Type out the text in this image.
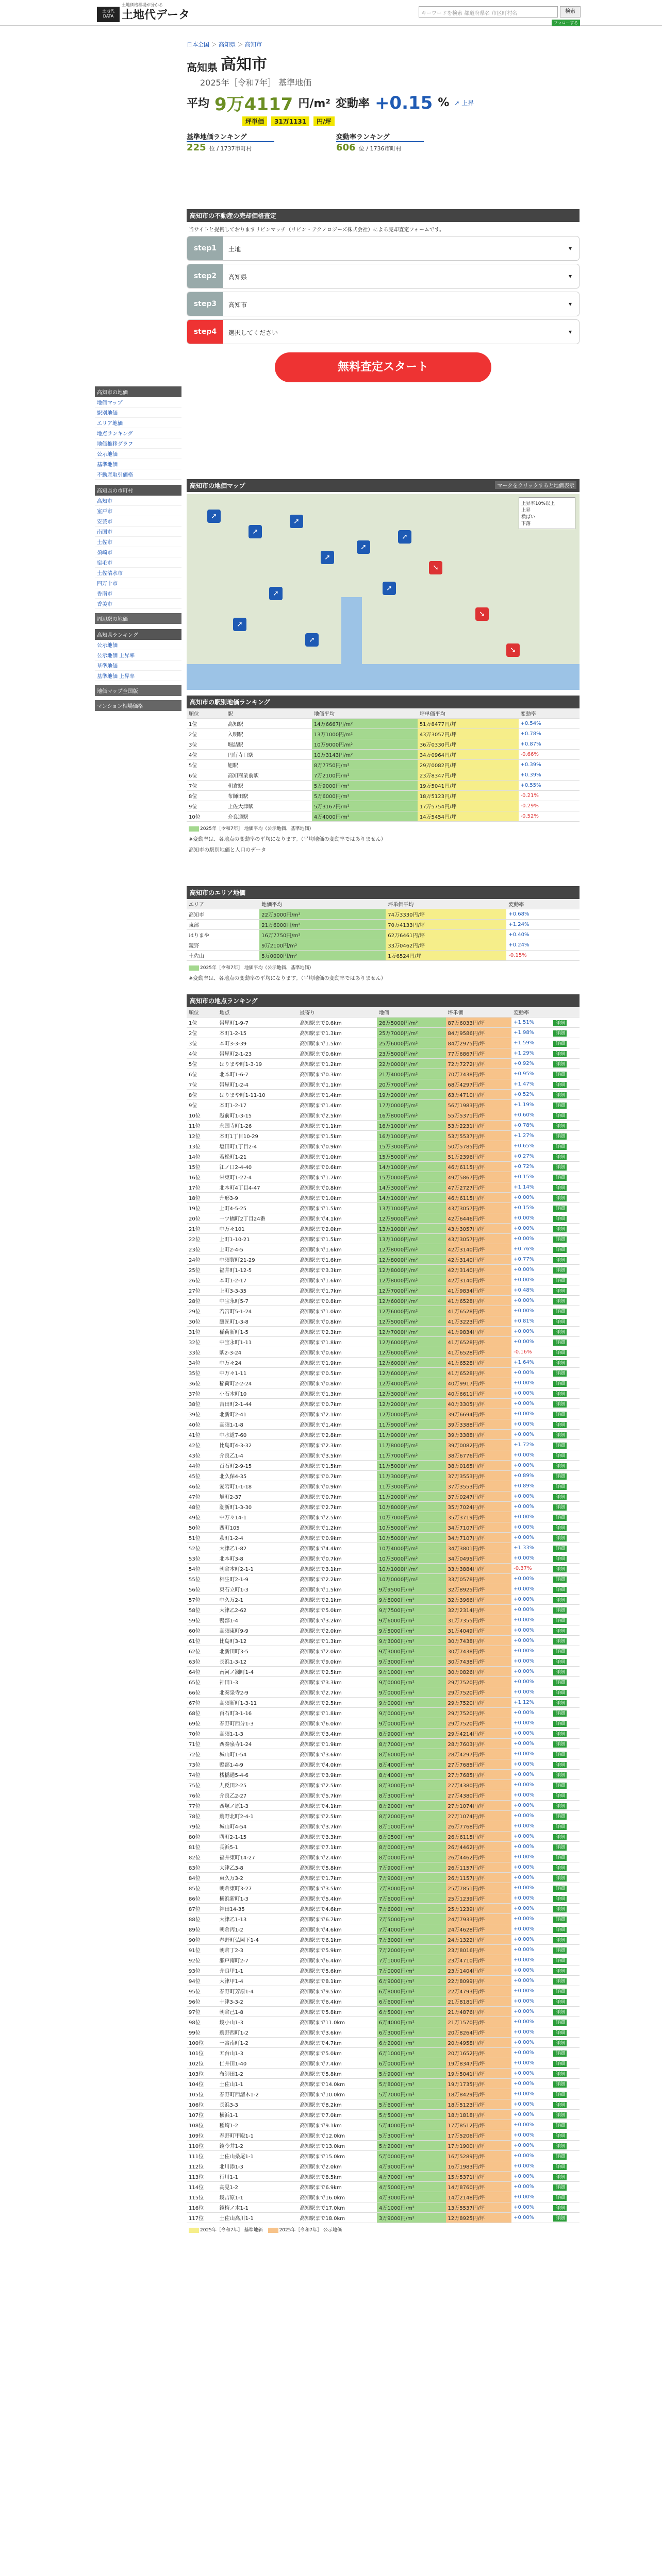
土地価格相場が分かる
土地代DATA 土地代データ	キーワードを検索 都道府県名 市区町村名	検索
フォローする
日本全国 ＞ 高知県 ＞ 高知市
高知県 高知市
2025年［令和7年］ 基準地価
平均 9万4117 円/m² 変動率 +0.15 % ➚ 上昇
坪単価	31万1131	円/坪
基準地価ランキング
225 位 / 1737市町村
変動率ランキング
606 位 / 1736市町村
高知市の不動産の売却価格査定
当サイトと提携しておりますリビンマッチ（リビン・テクノロジーズ株式会社）による売却査定フォームです。
step1	土地	▾
step2	高知県	▾
step3	高知市	▾
step4	選択してください	▾
無料査定スタート
高知市の地価
地価マップ
駅別地価
エリア地価
地点ランキング
地価推移グラフ
公示地価
基準地価
不動産取引価格
高知県の市町村
高知市
室戸市
安芸市
南国市
土佐市
須崎市
宿毛市
土佐清水市
四万十市
香南市
香美市
周辺駅の地価
高知県ランキング
公示地価
公示地価 上昇率
基準地価
基準地価 上昇率
地価マップ全国版
マンション相場価格
マークをクリックすると地価表示
高知市の地価マップ
➚
➚
➚
➚
➚
➚
➘
➚
➚
➘
➚
➘
➚
上昇率10%以上
上昇
横ばい
下落
高知市の駅別地価ランキング
順位	駅	地価平均	坪単価平均	変動率
1位	高知駅	14万6667円/m²	51万8477円/坪	+0.54%
2位	入明駅	13万1000円/m²	43万3057円/坪	+0.78%
3位	堀詰駅	10万9000円/m²	36万0330円/坪	+0.87%
4位	円行寺口駅	10万3143円/m²	34万0964円/坪	-0.66%
5位	旭駅	8万7750円/m²	29万0082円/坪	+0.39%
6位	高知商業前駅	7万2100円/m²	23万8347円/坪	+0.39%
7位	朝倉駅	5万9000円/m²	19万5041円/坪	+0.55%
8位	布師田駅	5万6000円/m²	18万5123円/坪	-0.21%
9位	土佐大津駅	5万3167円/m²	17万5754円/坪	-0.29%
10位	介良通駅	4万4000円/m²	14万5454円/坪	-0.52%
2025年［令和7年］ 地価平均（公示地価、基準地価）
※変動率は、各地点の変動率の平均になります。（平均地価の変動率ではありません）
高知市の駅別地価と人口のデータ
高知市のエリア地価
エリア	地価平均	坪単価平均	変動率
高知市	22万5000円/m²	74万3330円/坪	+0.68%
東部	21万6000円/m²	70万4133円/坪	+1.24%
はりまや	16万7750円/m²	62万6461円/坪	+0.40%
鏡野	9万2100円/m²	33万0462円/坪	+0.24%
土佐山	5万0000円/m²	1万6524円/坪	-0.15%
2025年［令和7年］ 地価平均（公示地価、基準地価）
※変動率は、各地点の変動率の平均になります。（平均地価の変動率ではありません）
高知市の地点ランキング
順位	地点	最寄り	地価	坪単価	変動率	
1位	帯屋町1-9-7	高知駅まで0.6km	26万5000円/m²	87万6033円/坪	+1.51%	詳細
2位	本町1-2-15	高知駅まで1.3km	25万7000円/m²	84万9586円/坪	+1.98%	詳細
3位	本町3-3-39	高知駅まで1.5km	25万6000円/m²	84万2975円/坪	+1.59%	詳細
4位	帯屋町2-1-23	高知駅まで0.6km	23万5000円/m²	77万6867円/坪	+1.29%	詳細
5位	はりまや町1-3-19	高知駅まで1.2km	22万0000円/m²	72万7272円/坪	+0.92%	詳細
6位	北本町1-6-7	高知駅まで0.3km	21万4000円/m²	70万7438円/坪	+0.95%	詳細
7位	帯屋町1-2-4	高知駅まで1.1km	20万7000円/m²	68万4297円/坪	+1.47%	詳細
8位	はりまや町1-11-10	高知駅まで1.4km	19万2000円/m²	63万4710円/坪	+0.52%	詳細
9位	本町1-2-17	高知駅まで1.4km	17万0000円/m²	56万1983円/坪	+1.19%	詳細
10位	越前町1-3-15	高知駅まで2.5km	16万8000円/m²	55万5371円/坪	+0.60%	詳細
11位	永国寺町1-26	高知駅まで1.1km	16万1000円/m²	53万2231円/坪	+0.78%	詳細
12位	本町1丁目10-29	高知駅まで1.5km	16万1000円/m²	53万5537円/坪	+1.27%	詳細
13位	塩田町1丁目2-4	高知駅まで0.9km	15万3000円/m²	50万5785円/坪	+0.65%	詳細
14位	若松町1-21	高知駅まで1.0km	15万5000円/m²	51万2396円/坪	+0.27%	詳細
15位	江ノ口2-4-40	高知駅まで0.6km	14万1000円/m²	46万6115円/坪	+0.72%	詳細
16位	栄東町1-27-4	高知駅まで1.7km	15万0000円/m²	49万5867円/坪	+0.15%	詳細
17位	北本町4丁目4-47	高知駅まで0.8km	14万3000円/m²	47万2727円/坪	+1.14%	詳細
18位	升形3-9	高知駅まで1.0km	14万1000円/m²	46万6115円/坪	+0.00%	詳細
19位	上町4-5-25	高知駅まで1.5km	13万1000円/m²	43万3057円/坪	+0.15%	詳細
20位	一ツ橋町2丁目24番	高知駅まで4.1km	12万9000円/m²	42万6446円/坪	+0.00%	詳細
21位	中万々101	高知駅まで2.0km	13万1000円/m²	43万3057円/坪	+0.00%	詳細
22位	上町1-10-21	高知駅まで1.5km	13万1000円/m²	43万3057円/坪	+0.00%	詳細
23位	上町2-4-5	高知駅まで1.6km	12万8000円/m²	42万3140円/坪	+0.76%	詳細
24位	中須賀町21-29	高知駅まで1.6km	12万8000円/m²	42万3140円/坪	+0.77%	詳細
25位	福井町1-12-5	高知駅まで3.3km	12万8000円/m²	42万3140円/坪	+0.00%	詳細
26位	本町1-2-17	高知駅まで1.6km	12万8000円/m²	42万3140円/坪	+0.00%	詳細
27位	上町3-3-35	高知駅まで1.7km	12万7000円/m²	41万9834円/坪	+0.48%	詳細
28位	中宝永町5-7	高知駅まで0.8km	12万6000円/m²	41万6528円/坪	+0.00%	詳細
29位	若宮町5-1-24	高知駅まで1.0km	12万6000円/m²	41万6528円/坪	+0.00%	詳細
30位	鷹匠町1-3-8	高知駅まで0.8km	12万5000円/m²	41万3223円/坪	+0.81%	詳細
31位	稲荷新町1-5	高知駅まで2.3km	12万7000円/m²	41万9834円/坪	+0.00%	詳細
32位	中宝永町1-11	高知駅まで1.8km	12万6000円/m²	41万6528円/坪	+0.00%	詳細
33位	駅2-3-24	高知駅まで0.6km	12万6000円/m²	41万6528円/坪	-0.16%	詳細
34位	中万々24	高知駅まで1.9km	12万6000円/m²	41万6528円/坪	+1.64%	詳細
35位	中万々1-11	高知駅まで0.5km	12万6000円/m²	41万6528円/坪	+0.00%	詳細
36位	稲荷町2-2-24	高知駅まで0.8km	12万4000円/m²	40万9917円/坪	+0.00%	詳細
37位	小石木町10	高知駅まで1.3km	12万3000円/m²	40万6611円/坪	+0.00%	詳細
38位	吉田町2-1-44	高知駅まで0.7km	12万2000円/m²	40万3305円/坪	+0.00%	詳細
39位	北新町2-41	高知駅まで2.1km	12万0000円/m²	39万6694円/坪	+0.00%	詳細
40位	高須1-1-8	高知駅まで1.4km	11万9000円/m²	39万3388円/坪	+0.00%	詳細
41位	中水道7-60	高知駅まで2.8km	11万9000円/m²	39万3388円/坪	+0.00%	詳細
42位	比島町4-3-32	高知駅まで2.3km	11万8000円/m²	39万0082円/坪	+1.72%	詳細
43位	介良乙1-4	高知駅まで3.5km	11万7000円/m²	38万6776円/坪	+0.00%	詳細
44位	百石町2-9-15	高知駅まで1.5km	11万5000円/m²	38万0165円/坪	+0.00%	詳細
45位	北久保4-35	高知駅まで0.7km	11万3000円/m²	37万3553円/坪	+0.89%	詳細
46位	愛宕町1-1-18	高知駅まで0.9km	11万3000円/m²	37万3553円/坪	+0.89%	詳細
47位	旭町2-37	高知駅まで0.7km	11万2000円/m²	37万0247円/坪	+0.00%	詳細
48位	潮新町1-3-30	高知駅まで2.7km	10万8000円/m²	35万7024円/坪	+0.00%	詳細
49位	中万々14-1	高知駅まで2.5km	10万7000円/m²	35万3719円/坪	+0.00%	詳細
50位	西町105	高知駅まで1.2km	10万5000円/m²	34万7107円/坪	+0.00%	詳細
51位	萩町1-2-4	高知駅まで0.9km	10万5000円/m²	34万7107円/坪	+0.00%	詳細
52位	大津乙1-82	高知駅まで4.4km	10万4000円/m²	34万3801円/坪	+1.33%	詳細
53位	北本町3-8	高知駅まで0.7km	10万3000円/m²	34万0495円/坪	+0.00%	詳細
54位	朝倉本町2-1-1	高知駅まで3.1km	10万1000円/m²	33万3884円/坪	-0.37%	詳細
55位	相生町2-1-9	高知駅まで2.2km	10万0000円/m²	33万0578円/坪	+0.00%	詳細
56位	東石立町1-3	高知駅まで1.5km	9万9500円/m²	32万8925円/坪	+0.00%	詳細
57位	中久万2-1	高知駅まで2.1km	9万8000円/m²	32万3966円/坪	+0.00%	詳細
58位	大津乙2-62	高知駅まで5.0km	9万7500円/m²	32万2314円/坪	+0.00%	詳細
59位	鴨部1-4	高知駅まで3.2km	9万6000円/m²	31万7355円/坪	+0.00%	詳細
60位	高須東町9-9	高知駅まで2.0km	9万5000円/m²	31万4049円/坪	+0.00%	詳細
61位	比島町3-12	高知駅まで1.3km	9万3000円/m²	30万7438円/坪	+0.00%	詳細
62位	北新田町3-5	高知駅まで2.0km	9万3000円/m²	30万7438円/坪	+0.00%	詳細
63位	長浜1-3-12	高知駅まで9.0km	9万3000円/m²	30万7438円/坪	+0.00%	詳細
64位	南河ノ瀬町1-4	高知駅まで2.5km	9万1000円/m²	30万0826円/坪	+0.00%	詳細
65位	神田1-3	高知駅まで3.3km	9万0000円/m²	29万7520円/坪	+0.00%	詳細
66位	北秦泉寺2-9	高知駅まで2.7km	9万0000円/m²	29万7520円/坪	+0.00%	詳細
67位	高須新町1-3-11	高知駅まで2.5km	9万0000円/m²	29万7520円/坪	+1.12%	詳細
68位	百石町3-1-16	高知駅まで1.8km	9万0000円/m²	29万7520円/坪	+0.00%	詳細
69位	春野町西分1-3	高知駅まで6.0km	9万0000円/m²	29万7520円/坪	+0.00%	詳細
70位	高須1-1-3	高知駅まで3.4km	8万9000円/m²	29万4214円/坪	+0.00%	詳細
71位	西秦泉寺1-24	高知駅まで1.9km	8万7000円/m²	28万7603円/坪	+0.00%	詳細
72位	城山町1-54	高知駅まで3.6km	8万6000円/m²	28万4297円/坪	+0.00%	詳細
73位	鴨部1-4-9	高知駅まで4.0km	8万4000円/m²	27万7685円/坪	+0.00%	詳細
74位	桟橋通5-4-6	高知駅まで3.9km	8万4000円/m²	27万7685円/坪	+0.00%	詳細
75位	九反田2-25	高知駅まで2.5km	8万3000円/m²	27万4380円/坪	+0.00%	詳細
76位	介良乙2-27	高知駅まで5.7km	8万3000円/m²	27万4380円/坪	+0.00%	詳細
77位	西塚ノ原1-3	高知駅まで4.1km	8万2000円/m²	27万1074円/坪	+0.00%	詳細
78位	薊野北町2-4-1	高知駅まで2.5km	8万2000円/m²	27万1074円/坪	+0.00%	詳細
79位	城山町4-54	高知駅まで3.7km	8万1000円/m²	26万7768円/坪	+0.00%	詳細
80位	曙町2-1-15	高知駅まで3.3km	8万0500円/m²	26万6115円/坪	+0.00%	詳細
81位	長浜5-1	高知駅まで7.1km	8万0000円/m²	26万4462円/坪	+0.00%	詳細
82位	福井東町14-27	高知駅まで2.4km	8万0000円/m²	26万4462円/坪	+0.00%	詳細
83位	大津乙3-8	高知駅まで5.8km	7万9000円/m²	26万1157円/坪	+0.00%	詳細
84位	東久万3-2	高知駅まで1.7km	7万9000円/m²	26万1157円/坪	+0.00%	詳細
85位	朝倉東町3-27	高知駅まで3.5km	7万8000円/m²	25万7851円/坪	+0.00%	詳細
86位	横浜新町1-3	高知駅まで5.4km	7万6000円/m²	25万1239円/坪	+0.00%	詳細
87位	神田14-35	高知駅まで4.6km	7万6000円/m²	25万1239円/坪	+0.00%	詳細
88位	大津乙1-13	高知駅まで6.7km	7万5000円/m²	24万7933円/坪	+0.00%	詳細
89位	朝倉丙1-2	高知駅まで4.6km	7万4000円/m²	24万4628円/坪	+0.00%	詳細
90位	春野町弘岡下1-4	高知駅まで6.1km	7万3000円/m²	24万1322円/坪	+0.00%	詳細
91位	朝倉丁2-3	高知駅まで5.9km	7万2000円/m²	23万8016円/坪	+0.00%	詳細
92位	瀬戸南町2-7	高知駅まで6.4km	7万1000円/m²	23万4710円/坪	+0.00%	詳細
93位	介良甲1-1	高知駅まで5.6km	7万0000円/m²	23万1404円/坪	+0.00%	詳細
94位	大津甲1-4	高知駅まで8.1km	6万9000円/m²	22万8099円/坪	+0.00%	詳細
95位	春野町芳原1-4	高知駅まで9.5km	6万8000円/m²	22万4793円/坪	+0.00%	詳細
96位	十津3-3-2	高知駅まで6.4km	6万6000円/m²	21万8181円/坪	+0.00%	詳細
97位	朝倉己1-8	高知駅まで5.8km	6万5000円/m²	21万4876円/坪	+0.00%	詳細
98位	鏡小山1-3	高知駅まで11.0km	6万4000円/m²	21万1570円/坪	+0.00%	詳細
99位	薊野西町1-2	高知駅まで3.6km	6万3000円/m²	20万8264円/坪	+0.00%	詳細
100位	一宮南町1-2	高知駅まで4.7km	6万2000円/m²	20万4958円/坪	+0.00%	詳細
101位	五台山1-3	高知駅まで5.0km	6万1000円/m²	20万1652円/坪	+0.00%	詳細
102位	仁井田1-40	高知駅まで7.4km	6万0000円/m²	19万8347円/坪	+0.00%	詳細
103位	布師田1-2	高知駅まで5.8km	5万9000円/m²	19万5041円/坪	+0.00%	詳細
104位	土佐山1-1	高知駅まで14.0km	5万8000円/m²	19万1735円/坪	+0.00%	詳細
105位	春野町西諸木1-2	高知駅まで10.0km	5万7000円/m²	18万8429円/坪	+0.00%	詳細
106位	長浜3-3	高知駅まで8.2km	5万6000円/m²	18万5123円/坪	+0.00%	詳細
107位	横浜1-1	高知駅まで7.0km	5万5000円/m²	18万1818円/坪	+0.00%	詳細
108位	種崎1-2	高知駅まで9.1km	5万4000円/m²	17万8512円/坪	+0.00%	詳細
109位	春野町甲殿1-1	高知駅まで12.0km	5万3000円/m²	17万5206円/坪	+0.00%	詳細
110位	鏡今井1-2	高知駅まで13.0km	5万2000円/m²	17万1900円/坪	+0.00%	詳細
111位	土佐山桑尾1-1	高知駅まで15.0km	5万0000円/m²	16万5289円/坪	+0.00%	詳細
112位	北川添1-3	高知駅まで2.0km	4万9000円/m²	16万1983円/坪	+0.00%	詳細
113位	行川1-1	高知駅まで8.5km	4万7000円/m²	15万5371円/坪	+0.00%	詳細
114位	高見1-2	高知駅まで6.9km	4万5000円/m²	14万8760円/坪	+0.00%	詳細
115位	鏡吉原1-1	高知駅まで16.0km	4万3000円/m²	14万2148円/坪	+0.00%	詳細
116位	鏡梅ノ木1-1	高知駅まで17.0km	4万1000円/m²	13万5537円/坪	+0.00%	詳細
117位	土佐山高川1-1	高知駅まで18.0km	3万9000円/m²	12万8925円/坪	+0.00%	詳細
2025年［令和7年］ 基準地価	2025年［令和7年］ 公示地価
